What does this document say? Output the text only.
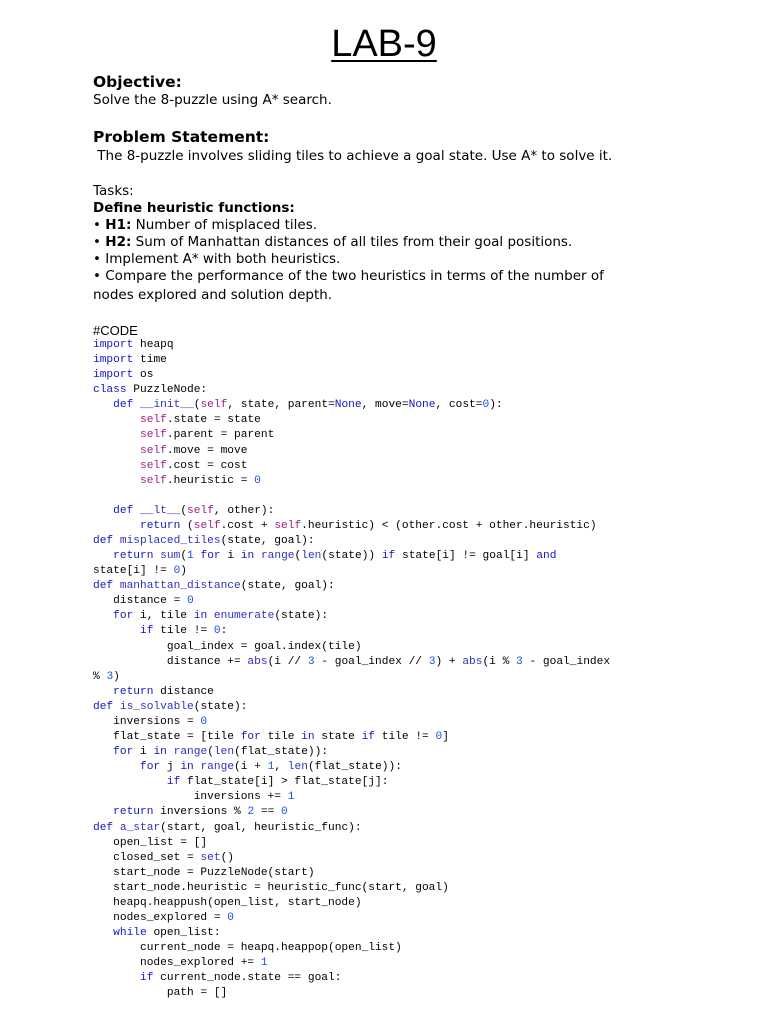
LAB-9
Objective:
Solve the 8-puzzle using A* search.
Problem Statement:
The 8-puzzle involves sliding tiles to achieve a goal state. Use A* to solve it.
Tasks:
Define heuristic functions:
• H1: Number of misplaced tiles.
• H2: Sum of Manhattan distances of all tiles from their goal positions.
• Implement A* with both heuristics.
• Compare the performance of the two heuristics in terms of the number of
nodes explored and solution depth.
#CODE
import heapq
import time
import os
class PuzzleNode:
def __init__(self, state, parent=None, move=None, cost=0):
self.state = state
self.parent = parent
self.move = move
self.cost = cost
self.heuristic = 0
def __lt__(self, other):
return (self.cost + self.heuristic) < (other.cost + other.heuristic)
def misplaced_tiles(state, goal):
return sum(1 for i in range(len(state)) if state[i] != goal[i] and
state[i] != 0)
def manhattan_distance(state, goal):
distance = 0
for i, tile in enumerate(state):
if tile != 0:
goal_index = goal.index(tile)
distance += abs(i // 3 - goal_index // 3) + abs(i % 3 - goal_index
% 3)
return distance
def is_solvable(state):
inversions = 0
flat_state = [tile for tile in state if tile != 0]
for i in range(len(flat_state)):
for j in range(i + 1, len(flat_state)):
if flat_state[i] > flat_state[j]:
inversions += 1
return inversions % 2 == 0
def a_star(start, goal, heuristic_func):
open_list = []
closed_set = set()
start_node = PuzzleNode(start)
start_node.heuristic = heuristic_func(start, goal)
heapq.heappush(open_list, start_node)
nodes_explored = 0
while open_list:
current_node = heapq.heappop(open_list)
nodes_explored += 1
if current_node.state == goal:
path = []
